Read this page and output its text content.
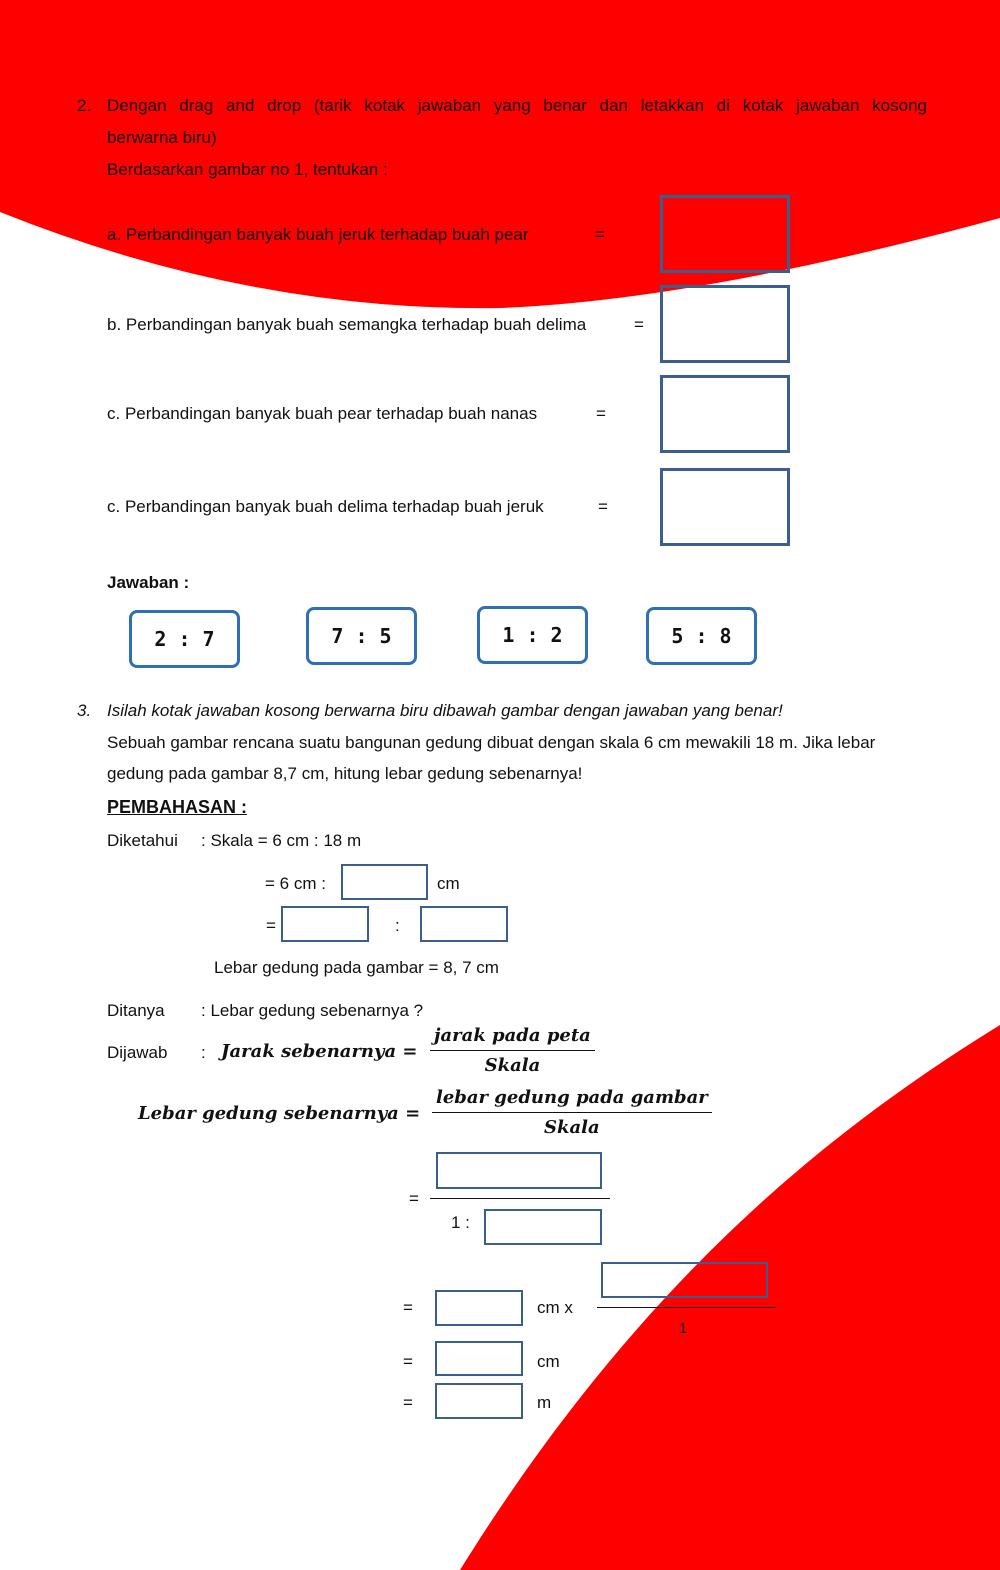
2. Dengan drag and drop (tarik kotak jawaban yang benar dan letakkan di kotak jawaban kosong
berwarna biru)
Berdasarkan gambar no 1, tentukan :
a. Perbandingan banyak buah jeruk terhadap buah pear	=
b. Perbandingan banyak buah semangka terhadap buah delima	=
c. Perbandingan banyak buah pear terhadap buah nanas	=
c. Perbandingan banyak buah delima terhadap buah jeruk	=
Jawaban :
2 : 7	7 : 5	1 : 2	5 : 8
3. Isilah kotak jawaban kosong berwarna biru dibawah gambar dengan jawaban yang benar!
Sebuah gambar rencana suatu bangunan gedung dibuat dengan skala 6 cm mewakili 18 m. Jika lebar
gedung pada gambar 8,7 cm, hitung lebar gedung sebenarnya!
PEMBAHASAN :
Diketahui : Skala = 6 cm : 18 m
= 6 cm :	cm
=	:
Lebar gedung pada gambar = 8, 7 cm
Ditanya : Lebar gedung sebenarnya ?
Dijawab : Jarak sebenarnya =
jarak pada peta
Skala
Lebar gedung sebenarnya =
lebar gedung pada gambar
Skala
=
1 :
=	cm x
1
=	cm
=	m
